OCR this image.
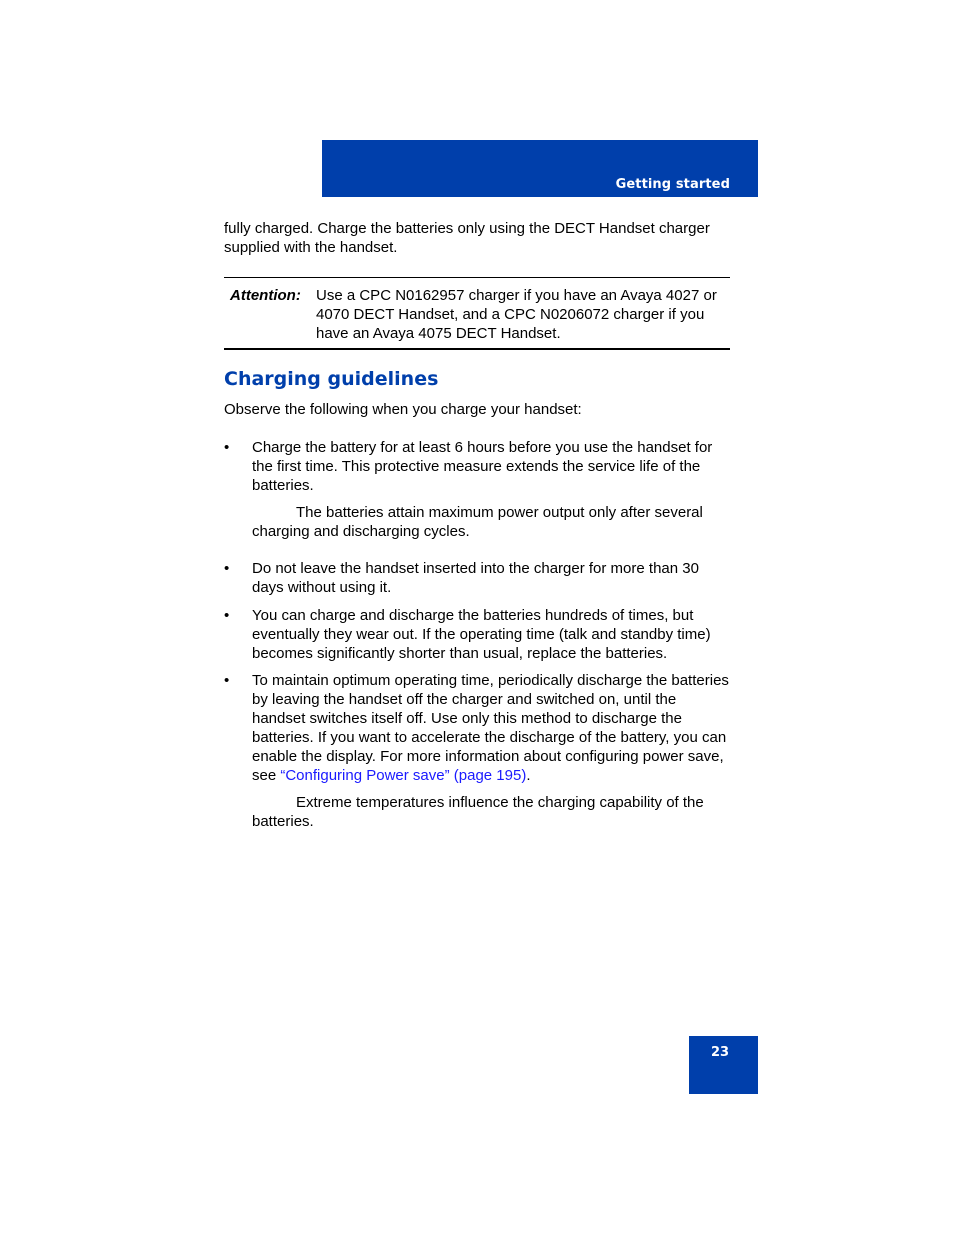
Getting started
fully charged. Charge the batteries only using the DECT Handset charger supplied with the handset.
Attention: Use a CPC N0162957 charger if you have an Avaya 4027 or 4070 DECT Handset, and a CPC N0206072 charger if you have an Avaya 4075 DECT Handset.
Charging guidelines
Observe the following when you charge your handset:
• Charge the battery for at least 6 hours before you use the handset for the first time. This protective measure extends the service life of the batteries.
The batteries attain maximum power output only after several charging and discharging cycles.
• Do not leave the handset inserted into the charger for more than 30 days without using it.
• You can charge and discharge the batteries hundreds of times, but eventually they wear out. If the operating time (talk and standby time) becomes significantly shorter than usual, replace the batteries.
• To maintain optimum operating time, periodically discharge the batteries by leaving the handset off the charger and switched on, until the handset switches itself off. Use only this method to discharge the batteries. If you want to accelerate the discharge of the battery, you can enable the display. For more information about configuring power save, see “Configuring Power save” (page 195).
Extreme temperatures influence the charging capability of the batteries.
23
